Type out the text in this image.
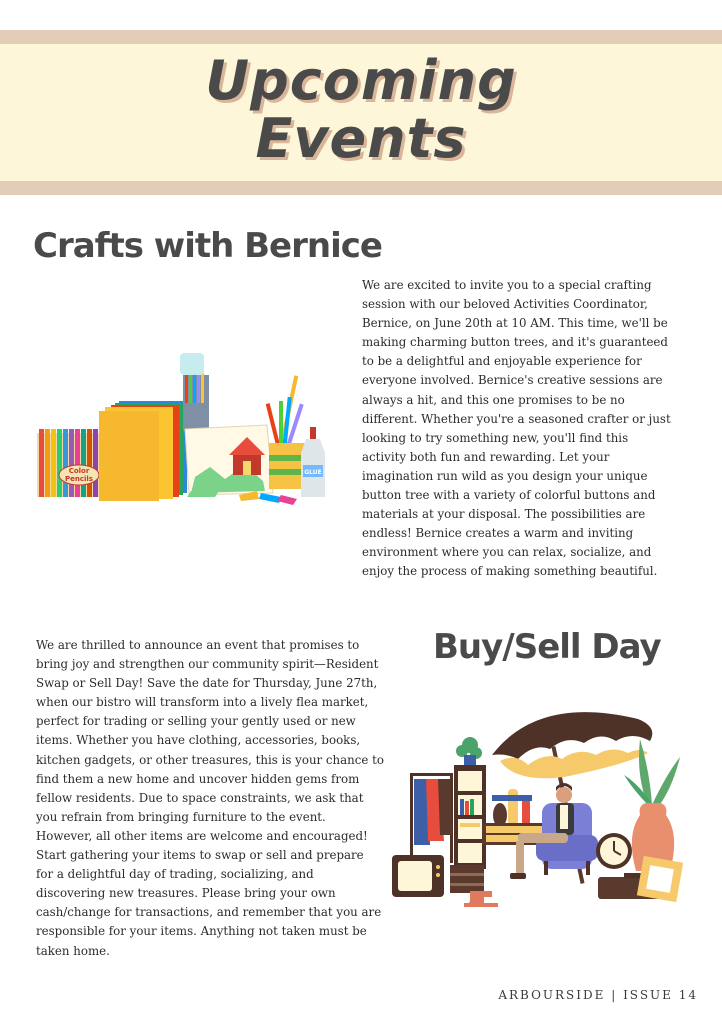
Upcoming
Events
Crafts with Bernice

We are excited to invite you to a special crafting session with our beloved Activities Coordinator, Bernice, on June 20th at 10 AM. This time, we'll be making charming button trees, and it's guaranteed to be a delightful and enjoyable experience for everyone involved. Bernice's creative sessions are always a hit, and this one promises to be no different. Whether you're a seasoned crafter or just looking to try something new, you'll find this activity both fun and rewarding. Let your imagination run wild as you design your unique button tree with a variety of colorful buttons and materials at your disposal. The possibilities are endless! Bernice creates a warm and inviting environment where you can relax, socialize, and enjoy the process of making something beautiful.

Color
Pencils
GLUE
Buy/Sell Day

We are thrilled to announce an event that promises to bring joy and strengthen our community spirit—Resident Swap or Sell Day! Save the date for Thursday, June 27th, when our bistro will transform into a lively flea market, perfect for trading or selling your gently used or new items. Whether you have clothing, accessories, books, kitchen gadgets, or other treasures, this is your chance to find them a new home and uncover hidden gems from fellow residents. Due to space constraints, we ask that you refrain from bringing furniture to the event. However, all other items are welcome and encouraged! Start gathering your items to swap or sell and prepare for a delightful day of trading, socializing, and discovering new treasures. Please bring your own cash/change for transactions, and remember that you are responsible for your items. Anything not taken must be taken home.

ARBOURSIDE | ISSUE 14
